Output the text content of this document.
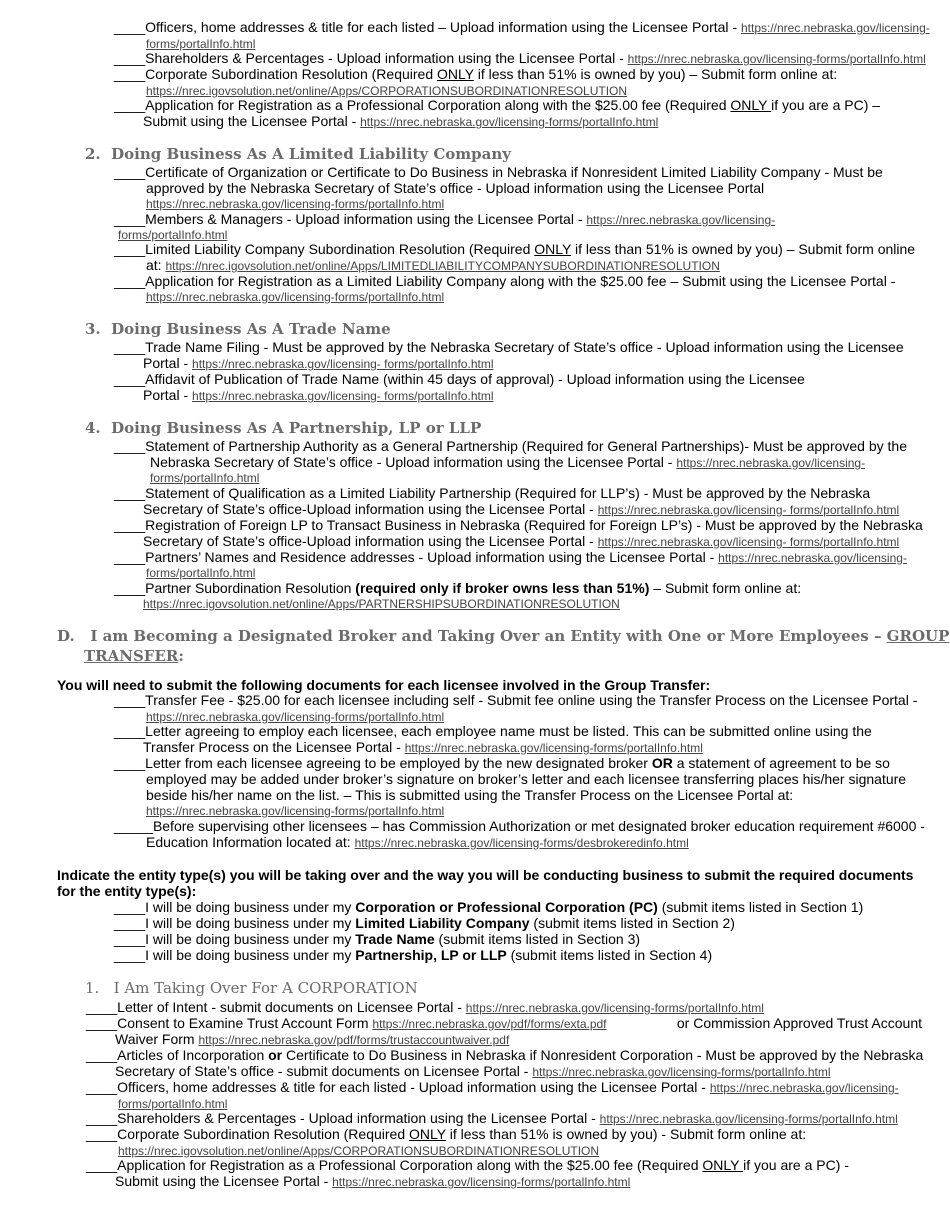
____Officers, home addresses & title for each listed – Upload information using the Licensee Portal - https://nrec.nebraska.gov/licensing-
forms/portalInfo.html
____Shareholders & Percentages - Upload information using the Licensee Portal - https://nrec.nebraska.gov/licensing-forms/portalInfo.html
____Corporate Subordination Resolution (Required ONLY if less than 51% is owned by you) – Submit form online at:
https://nrec.igovsolution.net/online/Apps/CORPORATIONSUBORDINATIONRESOLUTION
____Application for Registration as a Professional Corporation along with the $25.00 fee (Required ONLY if you are a PC) –
Submit using the Licensee Portal - https://nrec.nebraska.gov/licensing-forms/portalInfo.html
2. Doing Business As A Limited Liability Company
____Certificate of Organization or Certificate to Do Business in Nebraska if Nonresident Limited Liability Company - Must be
approved by the Nebraska Secretary of State’s office - Upload information using the Licensee Portal
https://nrec.nebraska.gov/licensing-forms/portalInfo.html
____Members & Managers - Upload information using the Licensee Portal - https://nrec.nebraska.gov/licensing-
forms/portalInfo.html
____Limited Liability Company Subordination Resolution (Required ONLY if less than 51% is owned by you) – Submit form online
at: https://nrec.igovsolution.net/online/Apps/LIMITEDLIABILITYCOMPANYSUBORDINATIONRESOLUTION
____Application for Registration as a Limited Liability Company along with the $25.00 fee – Submit using the Licensee Portal -
https://nrec.nebraska.gov/licensing-forms/portalInfo.html
3. Doing Business As A Trade Name
____Trade Name Filing - Must be approved by the Nebraska Secretary of State’s office - Upload information using the Licensee
Portal - https://nrec.nebraska.gov/licensing- forms/portalInfo.html
____Affidavit of Publication of Trade Name (within 45 days of approval) - Upload information using the Licensee
Portal - https://nrec.nebraska.gov/licensing- forms/portalInfo.html
4. Doing Business As A Partnership, LP or LLP
____Statement of Partnership Authority as a General Partnership (Required for General Partnerships)- Must be approved by the
Nebraska Secretary of State’s office - Upload information using the Licensee Portal - https://nrec.nebraska.gov/licensing-
forms/portalInfo.html
____Statement of Qualification as a Limited Liability Partnership (Required for LLP’s) - Must be approved by the Nebraska
Secretary of State’s office-Upload information using the Licensee Portal - https://nrec.nebraska.gov/licensing- forms/portalInfo.html
____Registration of Foreign LP to Transact Business in Nebraska (Required for Foreign LP’s) - Must be approved by the Nebraska
Secretary of State’s office-Upload information using the Licensee Portal - https://nrec.nebraska.gov/licensing- forms/portalInfo.html
____Partners’ Names and Residence addresses - Upload information using the Licensee Portal - https://nrec.nebraska.gov/licensing-
forms/portalInfo.html
____Partner Subordination Resolution (required only if broker owns less than 51%) – Submit form online at:
https://nrec.igovsolution.net/online/Apps/PARTNERSHIPSUBORDINATIONRESOLUTION
D. I am Becoming a Designated Broker and Taking Over an Entity with One or More Employees – GROUP
TRANSFER:
You will need to submit the following documents for each licensee involved in the Group Transfer:
____Transfer Fee - $25.00 for each licensee including self - Submit fee online using the Transfer Process on the Licensee Portal -
https://nrec.nebraska.gov/licensing-forms/portalInfo.html
____Letter agreeing to employ each licensee, each employee name must be listed. This can be submitted online using the
Transfer Process on the Licensee Portal - https://nrec.nebraska.gov/licensing-forms/portalInfo.html
____Letter from each licensee agreeing to be employed by the new designated broker OR a statement of agreement to be so
employed may be added under broker’s signature on broker’s letter and each licensee transferring places his/her signature
beside his/her name on the list. – This is submitted using the Transfer Process on the Licensee Portal at:
https://nrec.nebraska.gov/licensing-forms/portalInfo.html
_____Before supervising other licensees – has Commission Authorization or met designated broker education requirement #6000 -
Education Information located at: https://nrec.nebraska.gov/licensing-forms/desbrokeredinfo.html
Indicate the entity type(s) you will be taking over and the way you will be conducting business to submit the required documents
for the entity type(s):
____I will be doing business under my Corporation or Professional Corporation (PC) (submit items listed in Section 1)
____I will be doing business under my Limited Liability Company (submit items listed in Section 2)
____I will be doing business under my Trade Name (submit items listed in Section 3)
____I will be doing business under my Partnership, LP or LLP (submit items listed in Section 4)
1. I Am Taking Over For A CORPORATION
____Letter of Intent - submit documents on Licensee Portal - https://nrec.nebraska.gov/licensing-forms/portalInfo.html
____Consent to Examine Trust Account Form https://nrec.nebraska.gov/pdf/forms/exta.pdf	or Commission Approved Trust Account
Waiver Form https://nrec.nebraska.gov/pdf/forms/trustaccountwaiver.pdf
____Articles of Incorporation or Certificate to Do Business in Nebraska if Nonresident Corporation - Must be approved by the Nebraska
Secretary of State’s office - submit documents on Licensee Portal - https://nrec.nebraska.gov/licensing-forms/portalInfo.html
____Officers, home addresses & title for each listed - Upload information using the Licensee Portal - https://nrec.nebraska.gov/licensing-
forms/portalInfo.html
____Shareholders & Percentages - Upload information using the Licensee Portal - https://nrec.nebraska.gov/licensing-forms/portalInfo.html
____Corporate Subordination Resolution (Required ONLY if less than 51% is owned by you) - Submit form online at:
https://nrec.igovsolution.net/online/Apps/CORPORATIONSUBORDINATIONRESOLUTION
____Application for Registration as a Professional Corporation along with the $25.00 fee (Required ONLY if you are a PC) -
Submit using the Licensee Portal - https://nrec.nebraska.gov/licensing-forms/portalInfo.html
